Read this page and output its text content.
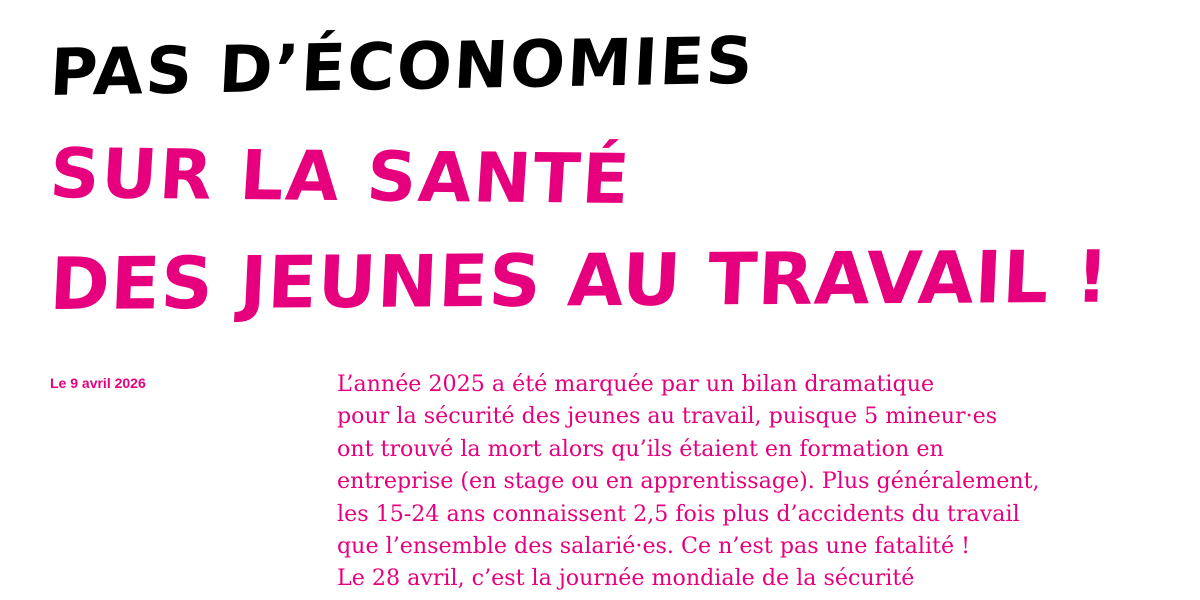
PAS D’ÉCONOMIES
SUR LA SANTÉ
DES JEUNES AU TRAVAIL !

Le 9 avril 2026	L’année 2025 a été marquée par un bilan dramatique
pour la sécurité des jeunes au travail, puisque 5 mineur·es
ont trouvé la mort alors qu’ils étaient en formation en
entreprise (en stage ou en apprentissage). Plus généralement,
les 15-24 ans connaissent 2,5 fois plus d’accidents du travail
que l’ensemble des salarié·es. Ce n’est pas une fatalité !
Le 28 avril, c’est la journée mondiale de la sécurité
